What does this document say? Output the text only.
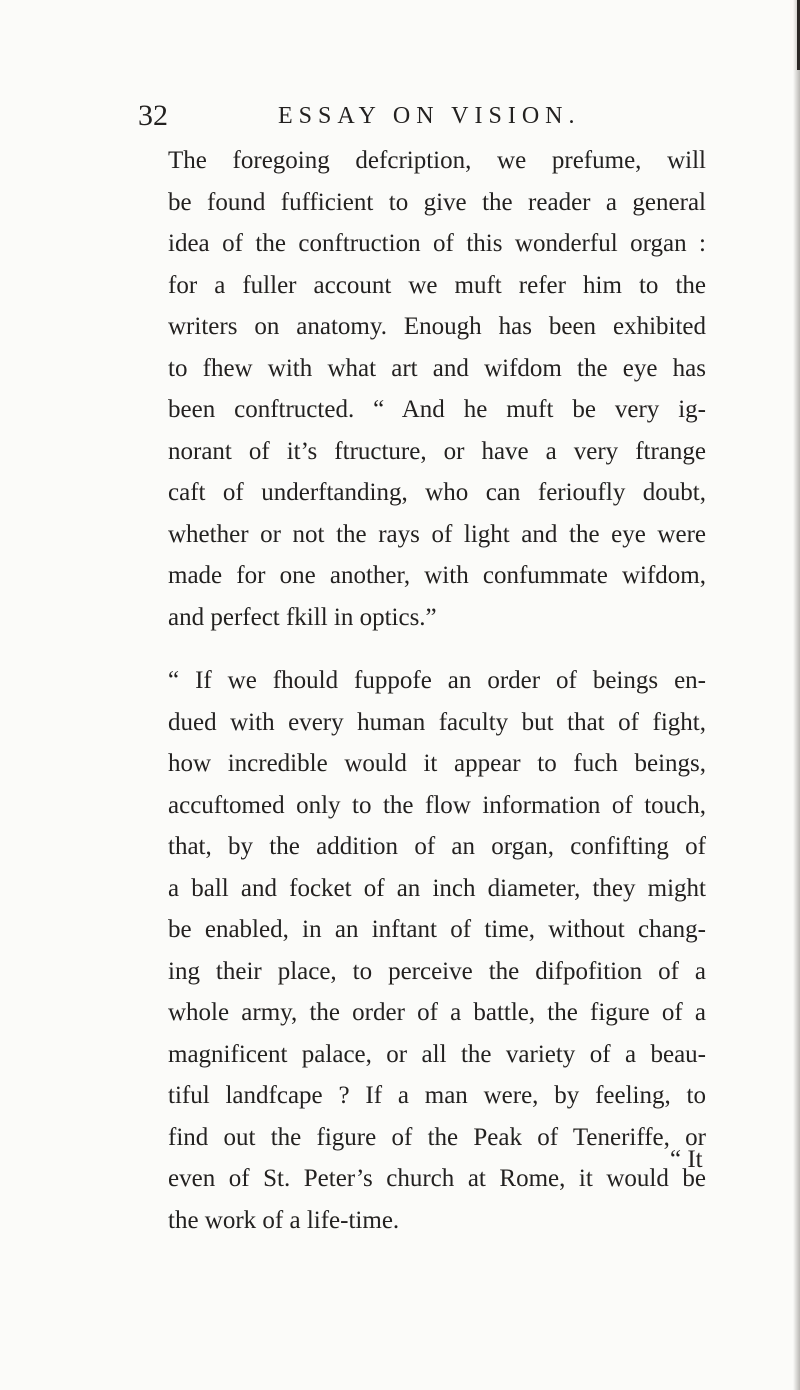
32	ESSAY ON VISION.
The foregoing defcription, we prefume, will
be found fufficient to give the reader a general
idea of the conftruction of this wonderful organ :
for a fuller account we muft refer him to the
writers on anatomy. Enough has been exhibited
to fhew with what art and wifdom the eye has
been conftructed. “ And he muft be very ig-
norant of it’s ftructure, or have a very ftrange
caft of underftanding, who can ferioufly doubt,
whether or not the rays of light and the eye were
made for one another, with confummate wifdom,
and perfect fkill in optics.”
“ If we fhould fuppofe an order of beings en-
dued with every human faculty but that of fight,
how incredible would it appear to fuch beings,
accuftomed only to the flow information of touch,
that, by the addition of an organ, confifting of
a ball and focket of an inch diameter, they might
be enabled, in an inftant of time, without chang-
ing their place, to perceive the difpofition of a
whole army, the order of a battle, the figure of a
magnificent palace, or all the variety of a beau-
tiful landfcape ? If a man were, by feeling, to
find out the figure of the Peak of Teneriffe, or
even of St. Peter’s church at Rome, it would be
the work of a life-time.
“ It
